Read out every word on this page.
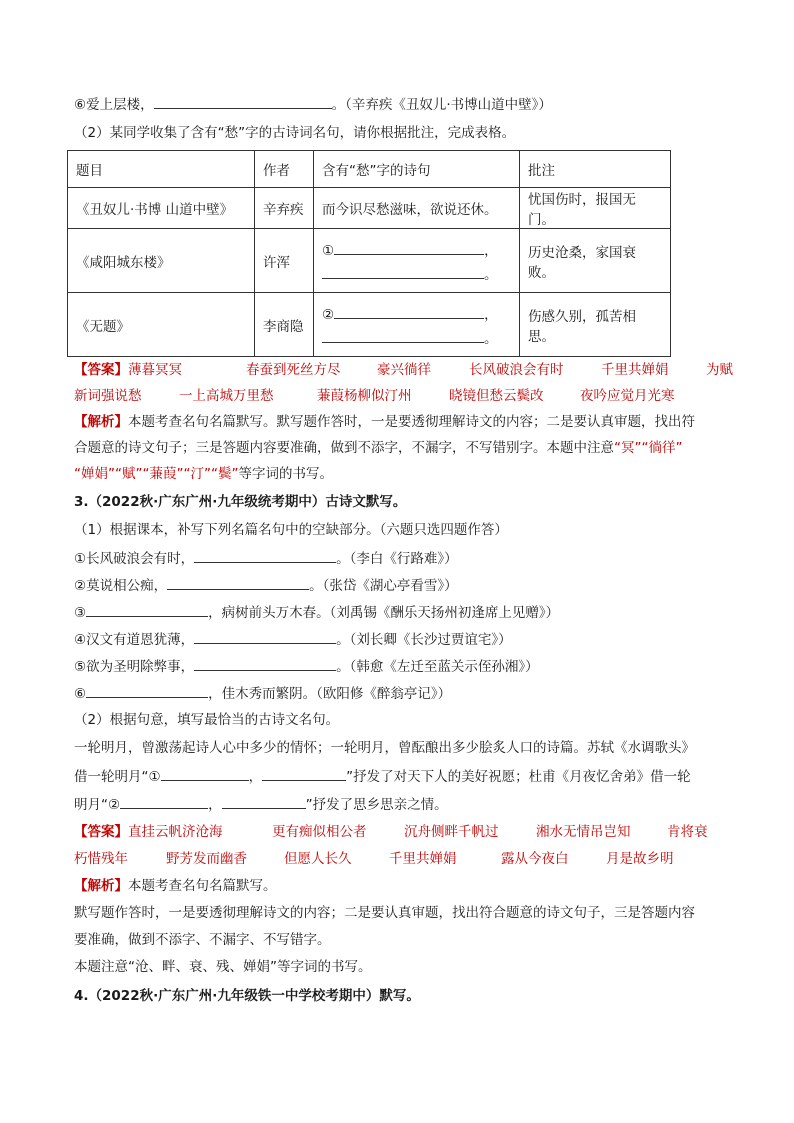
⑥爱上层楼，	。（辛弃疾《丑奴儿·书博山道中壁》）
（2）某同学收集了含有“愁”字的古诗词名句，请你根据批注，完成表格。
题目	作者	含有“愁”字的诗句	批注
《丑奴儿·书博 山道中壁》	辛弃疾	而今识尽愁滋味，欲说还休。	忧国伤时，报国无门。
《咸阳城东楼》	许浑	① ，
。	历史沧桑，家国衰败。
《无题》	李商隐	② ，
。	伤感久别，孤苦相思。
【答案】薄暮冥冥	春蚕到死丝方尽	豪兴徜徉	长风破浪会有时	千里共婵娟	为赋
新词强说愁	一上高城万里愁	蒹葭杨柳似汀州	晓镜但愁云鬓改	夜吟应觉月光寒
【解析】本题考查名句名篇默写。默写题作答时，一是要透彻理解诗文的内容；二是要认真审题，找出符
合题意的诗文句子；三是答题内容要准确，做到不添字，不漏字，不写错别字。本题中注意“冥”“徜徉”
“婵娟”“赋”“蒹葭”“汀”“鬓”等字词的书写。
3.（2022秋·广东广州·九年级统考期中）古诗文默写。
（1）根据课本，补写下列名篇名句中的空缺部分。（六题只选四题作答）
①长风破浪会有时，	。（李白《行路难》）
②莫说相公痴，	。（张岱《湖心亭看雪》）
③	，病树前头万木春。（刘禹锡《酬乐天扬州初逢席上见赠》）
④汉文有道恩犹薄，	。（刘长卿《长沙过贾谊宅》）
⑤欲为圣明除弊事，	。（韩愈《左迁至蓝关示侄孙湘》）
⑥	，佳木秀而繁阴。（欧阳修《醉翁亭记》）
（2）根据句意，填写最恰当的古诗文名句。
一轮明月，曾激荡起诗人心中多少的情怀；一轮明月，曾酝酿出多少脍炙人口的诗篇。苏轼《水调歌头》
借一轮明月“①	，	”抒发了对天下人的美好祝愿；杜甫《月夜忆舍弟》借一轮
明月“②	，	”抒发了思乡思亲之情。
【答案】直挂云帆济沧海	更有痴似相公者	沉舟侧畔千帆过	湘水无情吊岂知	肯将衰
朽惜残年	野芳发而幽香	但愿人长久	千里共婵娟	露从今夜白	月是故乡明
【解析】本题考查名句名篇默写。
默写题作答时，一是要透彻理解诗文的内容；二是要认真审题，找出符合题意的诗文句子，三是答题内容
要准确，做到不添字、不漏字、不写错字。
本题注意“沧、畔、衰、残、婵娟”等字词的书写。
4.（2022秋·广东广州·九年级铁一中学校考期中）默写。
